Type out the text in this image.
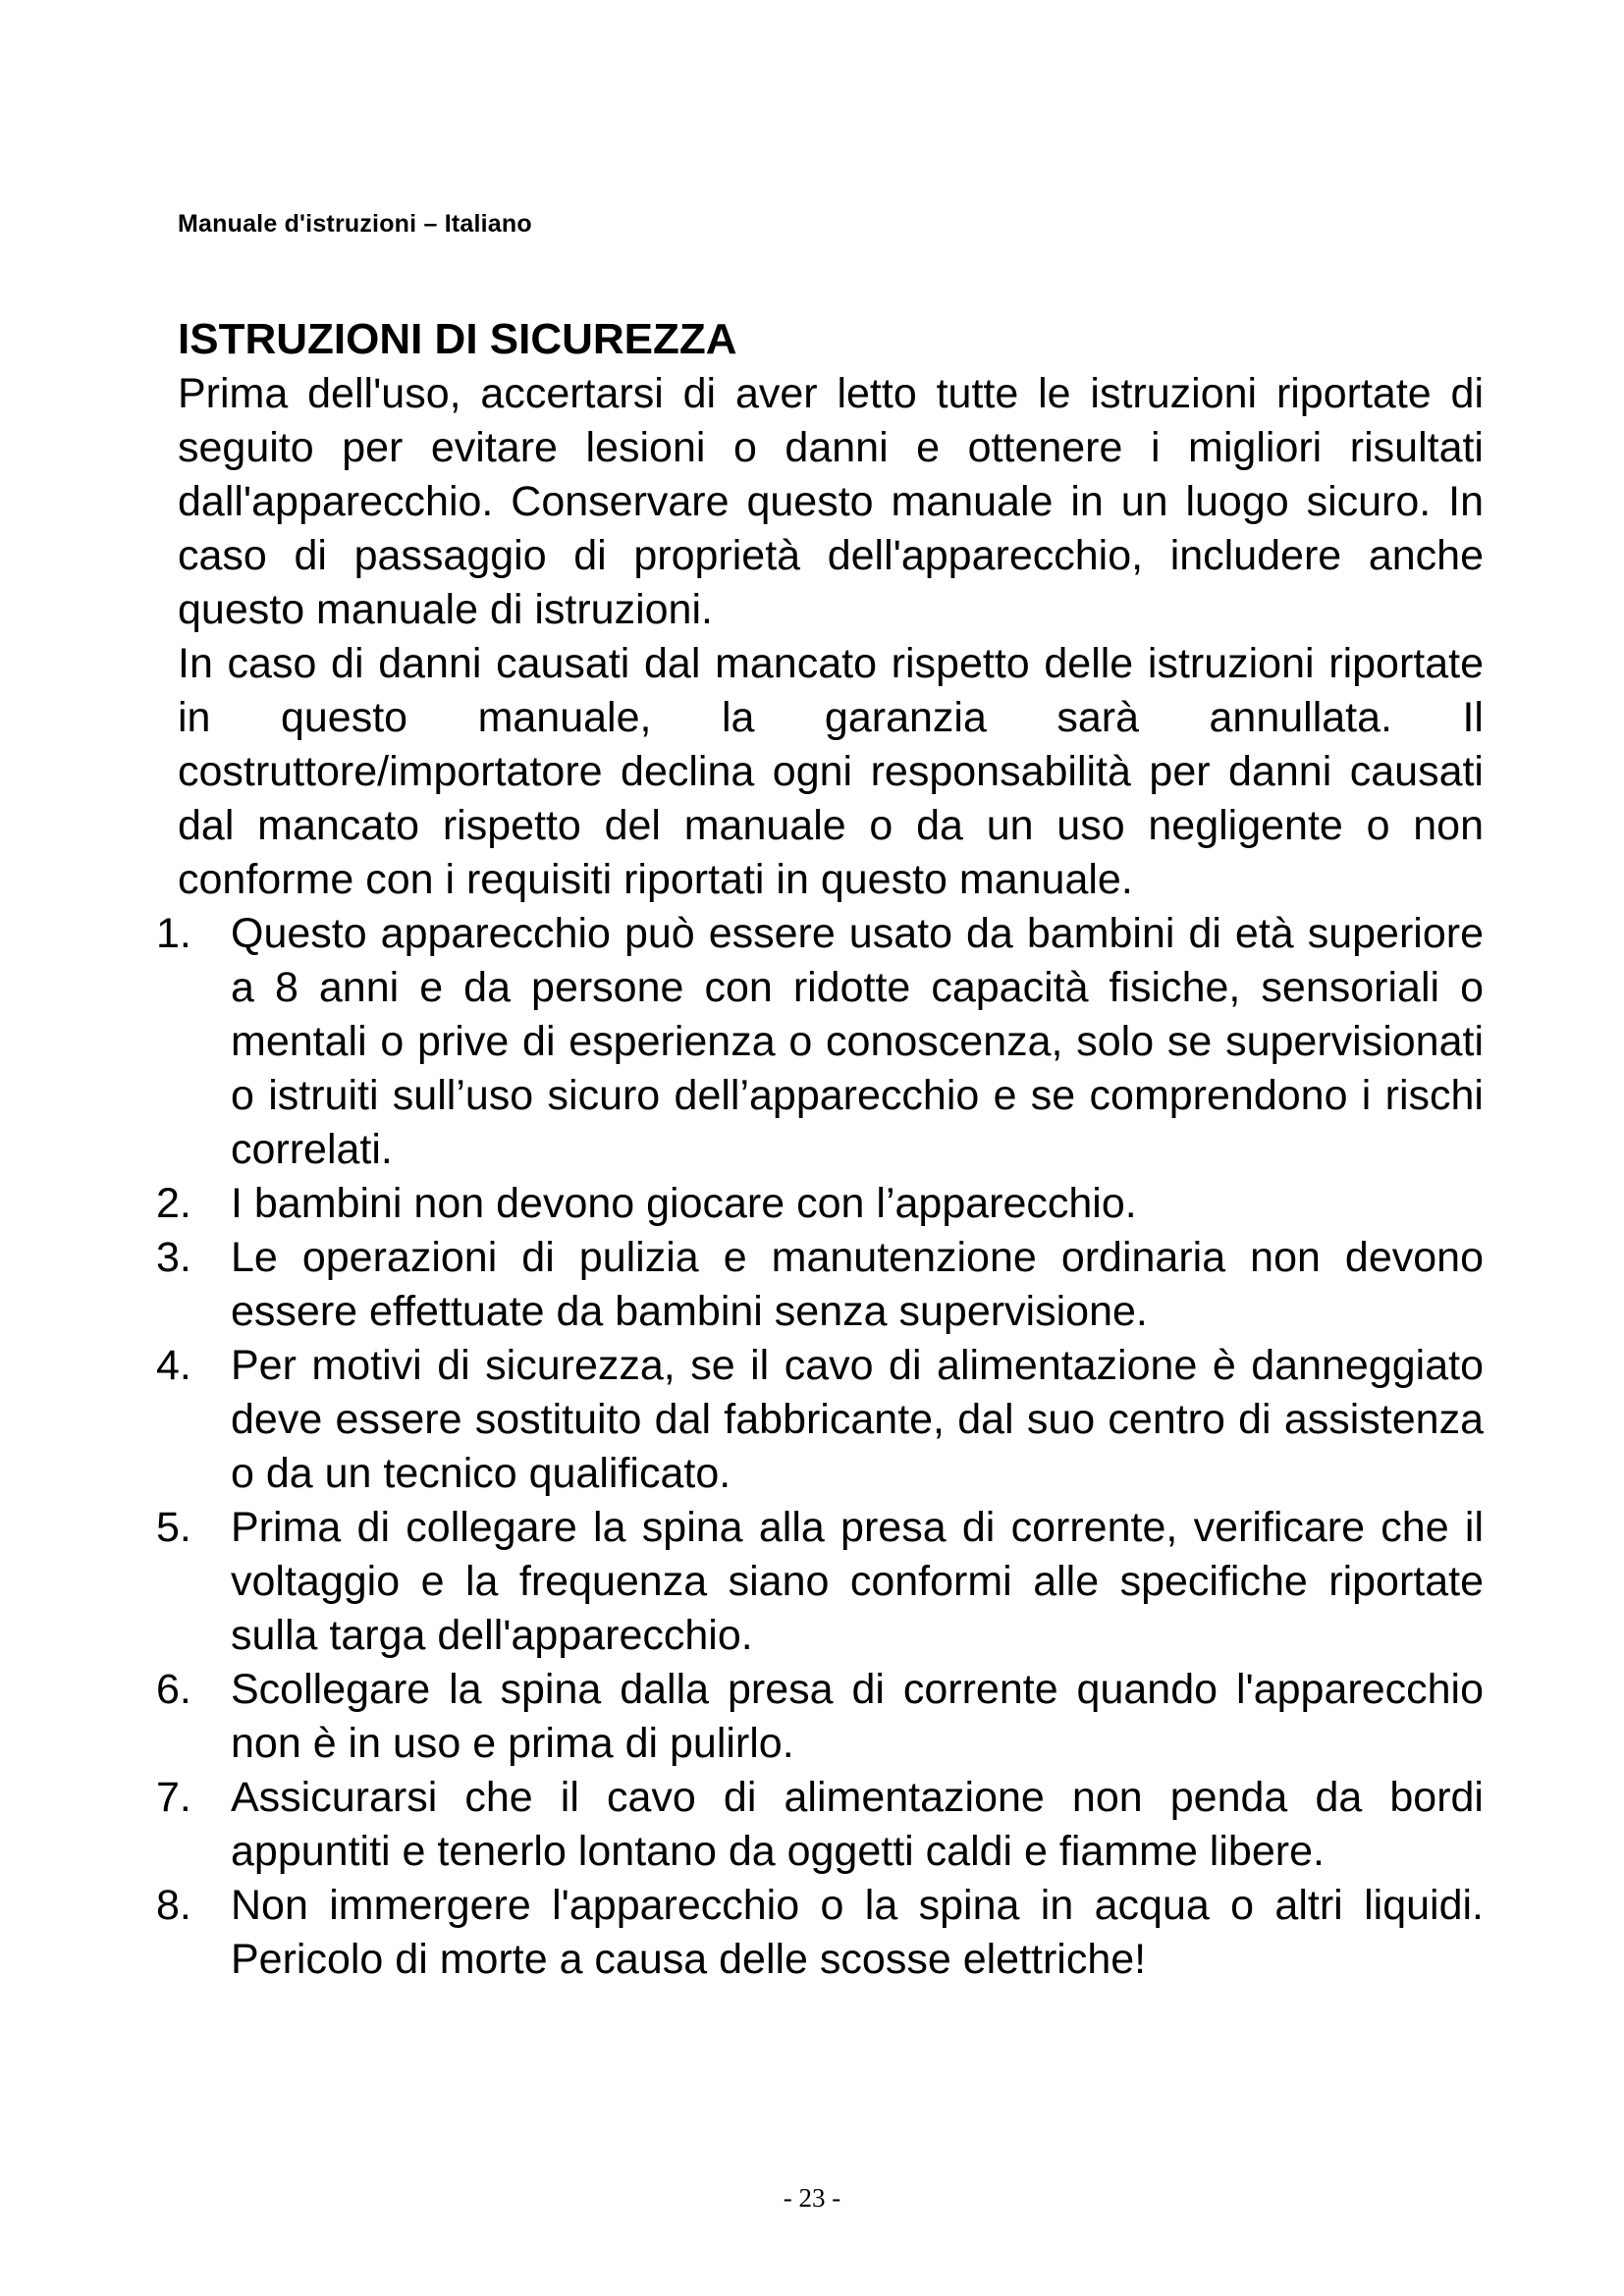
Manuale d'istruzioni – Italiano
ISTRUZIONI DI SICUREZZA

Prima dell'uso, accertarsi di aver letto tutte le istruzioni riportate di seguito per evitare lesioni o danni e ottenere i migliori risultati dall'apparecchio. Conservare questo manuale in un luogo sicuro. In caso di passaggio di proprietà dell'apparecchio, includere anche questo manuale di istruzioni.

In caso di danni causati dal mancato rispetto delle istruzioni riportate in questo manuale, la garanzia sarà annullata. Il costruttore/importatore declina ogni responsabilità per danni causati dal mancato rispetto del manuale o da un uso negligente o non conforme con i requisiti riportati in questo manuale.

1. Questo apparecchio può essere usato da bambini di età superiore a 8 anni e da persone con ridotte capacità fisiche, sensoriali o mentali o prive di esperienza o conoscenza, solo se supervisionati o istruiti sull’uso sicuro dell’apparecchio e se comprendono i rischi correlati.
2. I bambini non devono giocare con l’apparecchio.
3. Le operazioni di pulizia e manutenzione ordinaria non devono essere effettuate da bambini senza supervisione.
4. Per motivi di sicurezza, se il cavo di alimentazione è danneggiato deve essere sostituito dal fabbricante, dal suo centro di assistenza o da un tecnico qualificato.
5. Prima di collegare la spina alla presa di corrente, verificare che il voltaggio e la frequenza siano conformi alle specifiche riportate sulla targa dell'apparecchio.
6. Scollegare la spina dalla presa di corrente quando l'apparecchio non è in uso e prima di pulirlo.
7. Assicurarsi che il cavo di alimentazione non penda da bordi appuntiti e tenerlo lontano da oggetti caldi e fiamme libere.
8. Non immergere l'apparecchio o la spina in acqua o altri liquidi. Pericolo di morte a causa delle scosse elettriche!
- 23 -
